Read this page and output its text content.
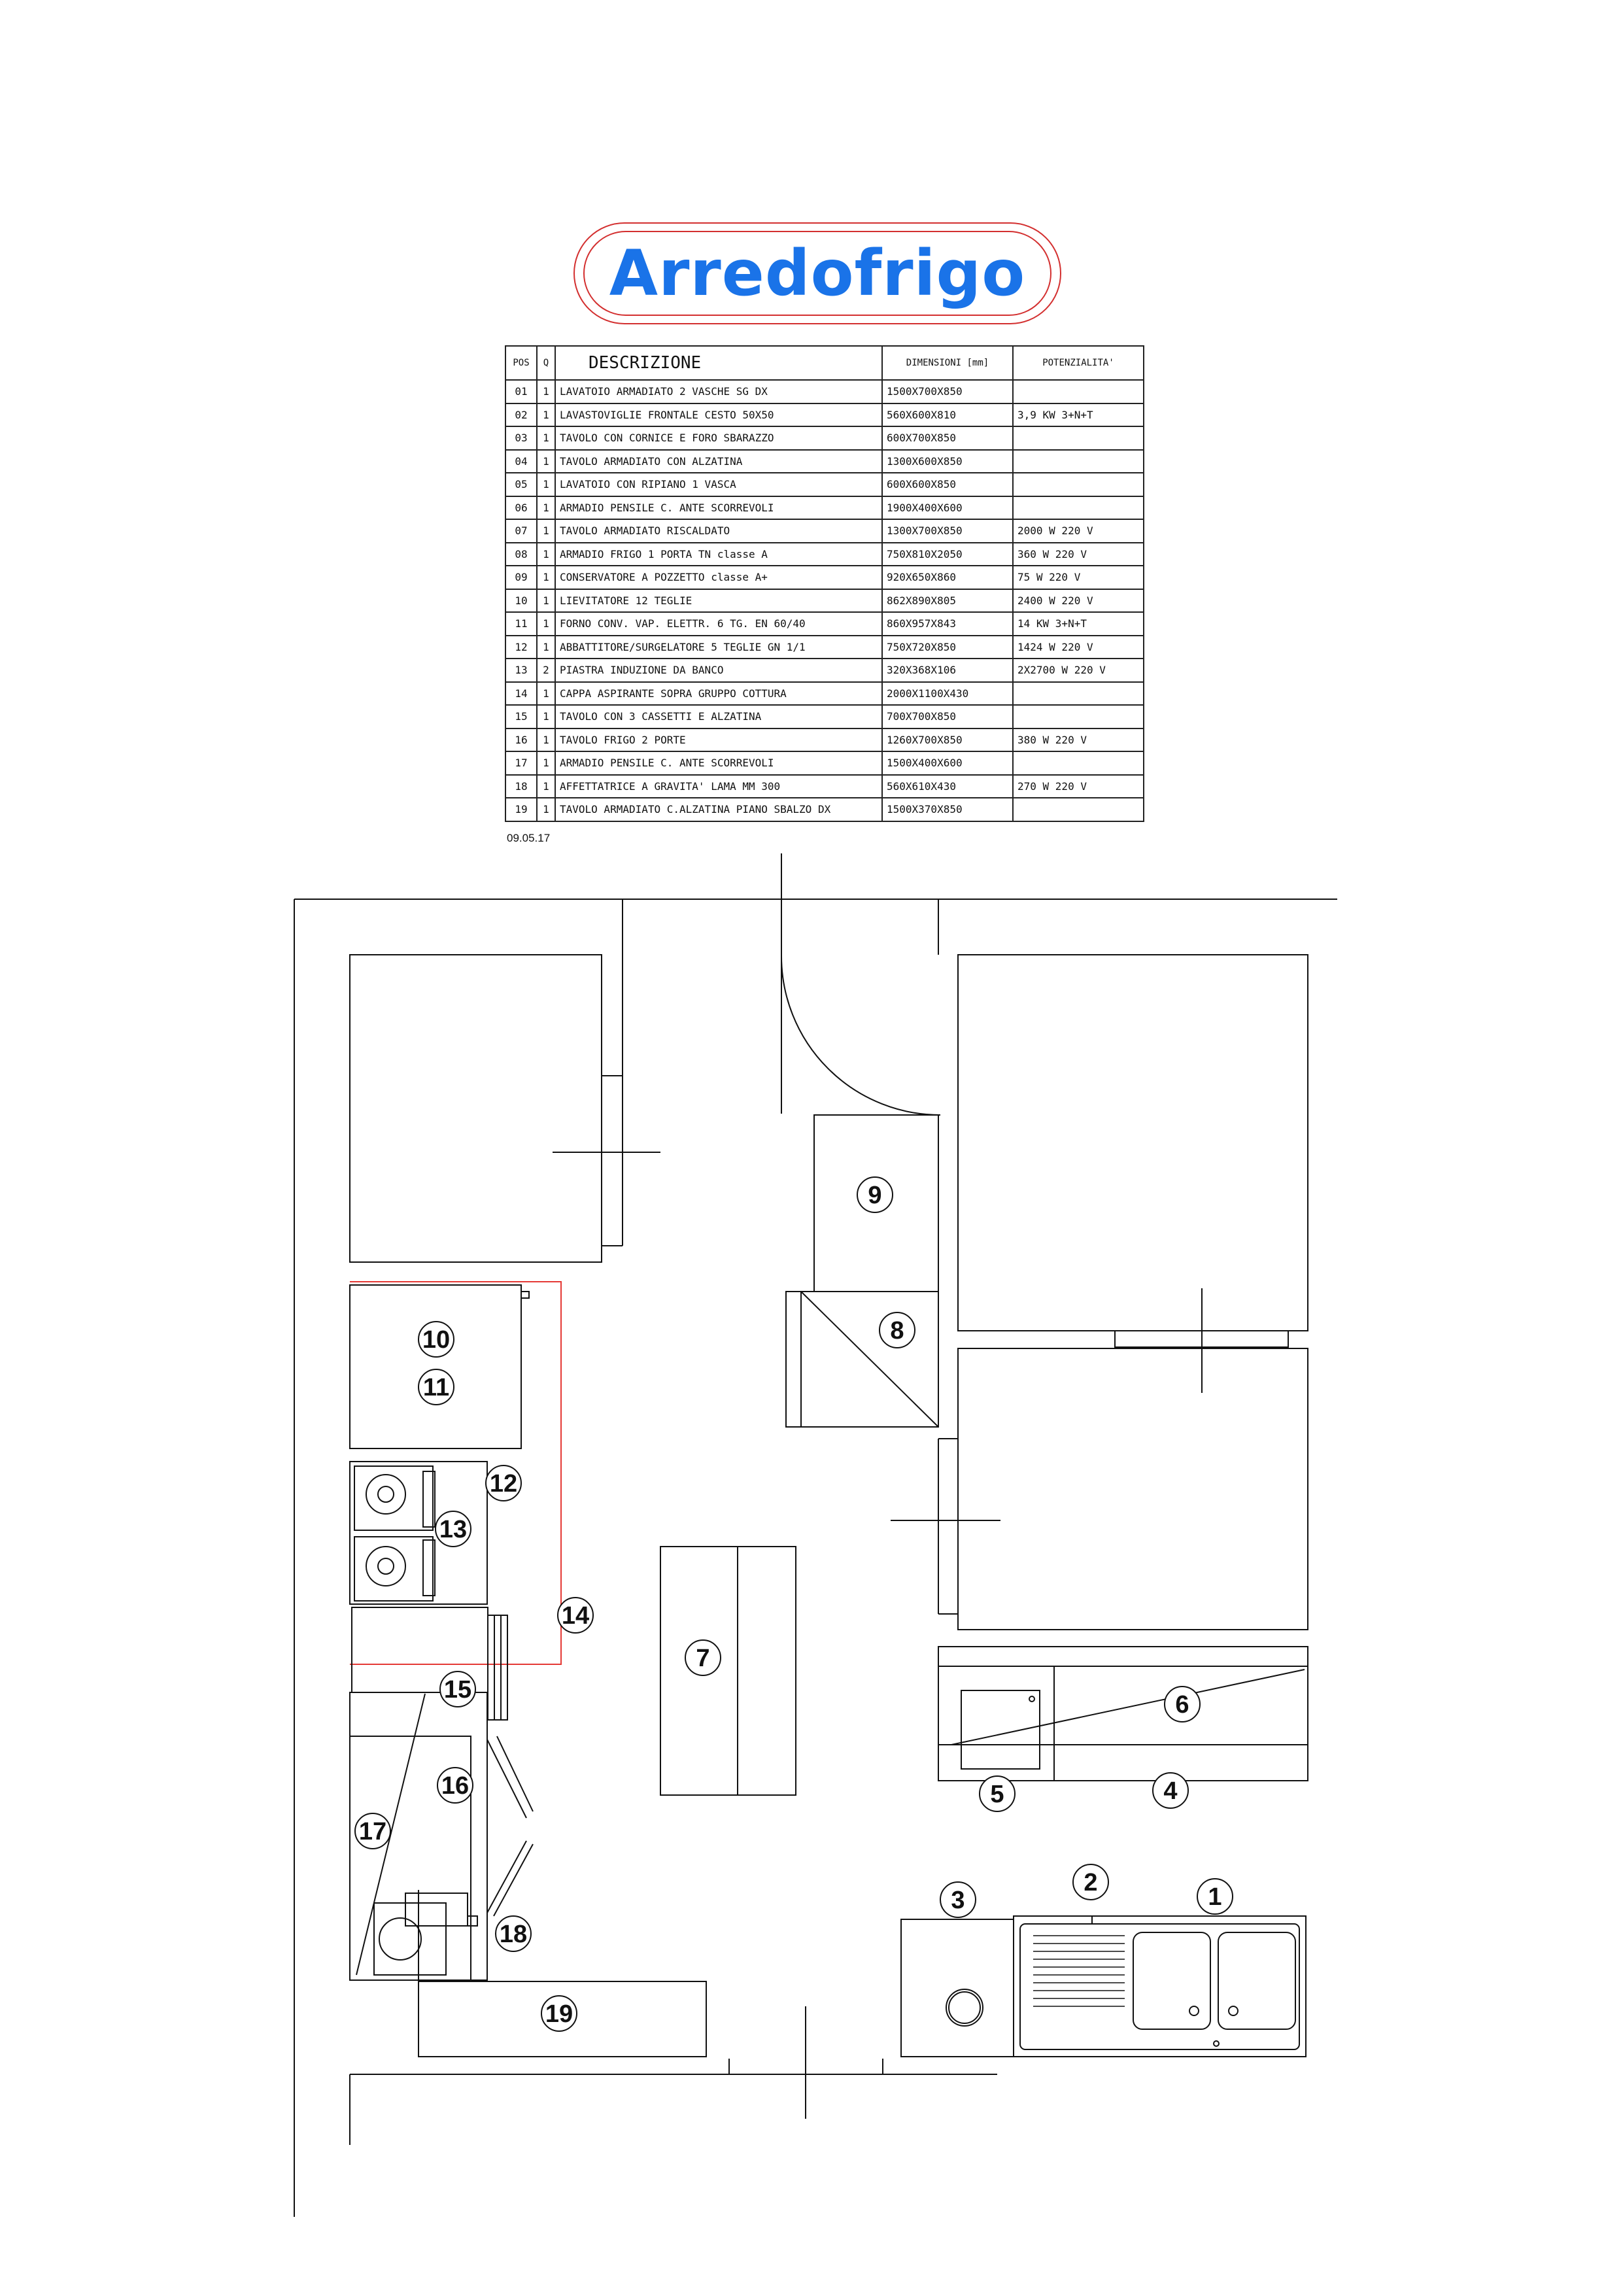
Arredofrigo
POS	Q	DESCRIZIONE	DIMENSIONI [mm]	POTENZIALITA'
01	1	LAVATOIO ARMADIATO 2 VASCHE SG DX	1500X700X850	
02	1	LAVASTOVIGLIE FRONTALE CESTO 50X50	560X600X810	3,9 KW 3+N+T
03	1	TAVOLO CON CORNICE E FORO SBARAZZO	600X700X850	
04	1	TAVOLO ARMADIATO CON ALZATINA	1300X600X850	
05	1	LAVATOIO CON RIPIANO 1 VASCA	600X600X850	
06	1	ARMADIO PENSILE C. ANTE SCORREVOLI	1900X400X600	
07	1	TAVOLO ARMADIATO RISCALDATO	1300X700X850	2000 W 220 V
08	1	ARMADIO FRIGO 1 PORTA TN classe A	750X810X2050	360 W 220 V
09	1	CONSERVATORE A POZZETTO classe A+	920X650X860	75 W 220 V
10	1	LIEVITATORE 12 TEGLIE	862X890X805	2400 W 220 V
11	1	FORNO CONV. VAP. ELETTR. 6 TG. EN 60/40	860X957X843	14 KW 3+N+T
12	1	ABBATTITORE/SURGELATORE 5 TEGLIE GN 1/1	750X720X850	1424 W 220 V
13	2	PIASTRA INDUZIONE DA BANCO	320X368X106	2X2700 W 220 V
14	1	CAPPA ASPIRANTE SOPRA GRUPPO COTTURA	2000X1100X430	
15	1	TAVOLO CON 3 CASSETTI E ALZATINA	700X700X850	
16	1	TAVOLO FRIGO 2 PORTE	1260X700X850	380 W 220 V
17	1	ARMADIO PENSILE C. ANTE SCORREVOLI	1500X400X600	
18	1	AFFETTATRICE A GRAVITA' LAMA MM 300	560X610X430	270 W 220 V
19	1	TAVOLO ARMADIATO C.ALZATINA PIANO SBALZO DX	1500X370X850	
09.05.17
9
8
10
11
12
13
14
7
15
6
5	4
16
17
3
2
1
18
19
